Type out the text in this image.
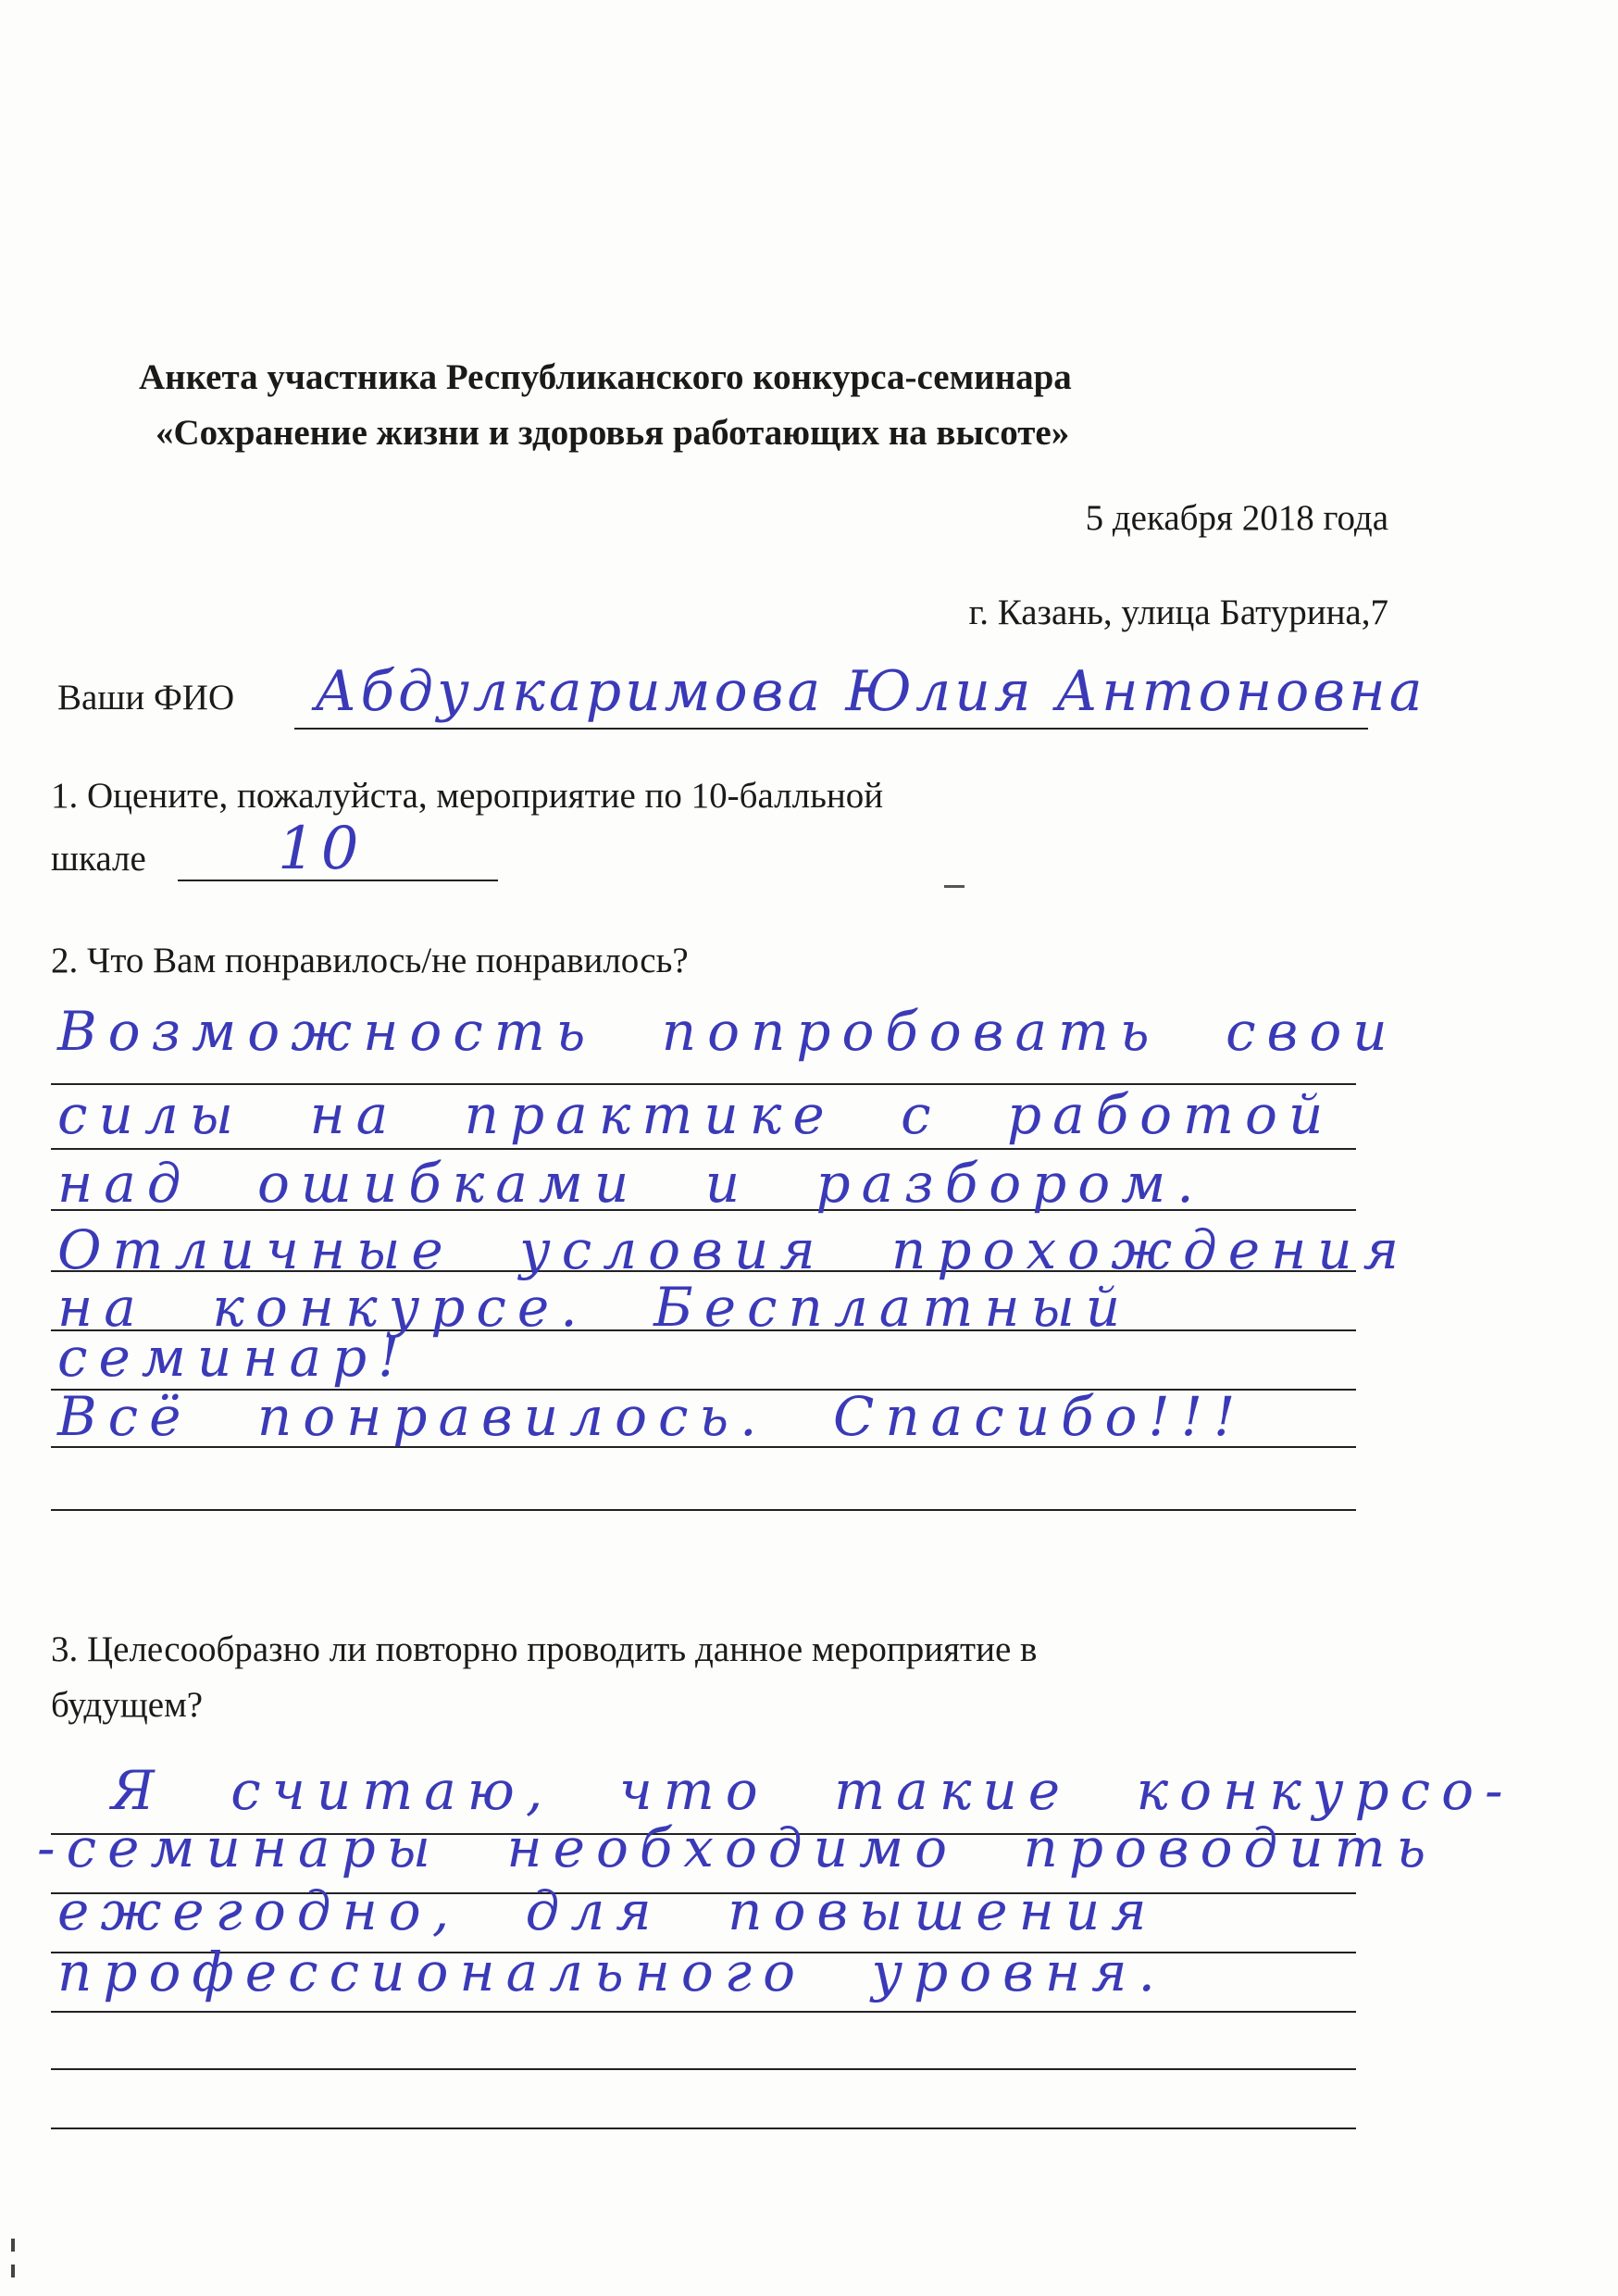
Анкета участника Республиканского конкурса-семинара
«Сохранение жизни и здоровья работающих на высоте»
5 декабря 2018 года
г. Казань, улица Батурина,7
Ваши ФИО Абдулкаримова Юлия Антоновна
1. Оцените, пожалуйста, мероприятие по 10-балльной
шкале 10
2. Что Вам понравилось/не понравилось?
Возможность попробовать свои
силы на практике с работой
над ошибками и разбором.
Отличные условия прохождения
на конкурсе. Бесплатный
семинар!
Всё понравилось. Спасибо!!!
3. Целесообразно ли повторно проводить данное мероприятие в
будущем?
Я считаю, что такие конкурсо-
-семинары необходимо проводить
ежегодно, для повышения
профессионального уровня.
